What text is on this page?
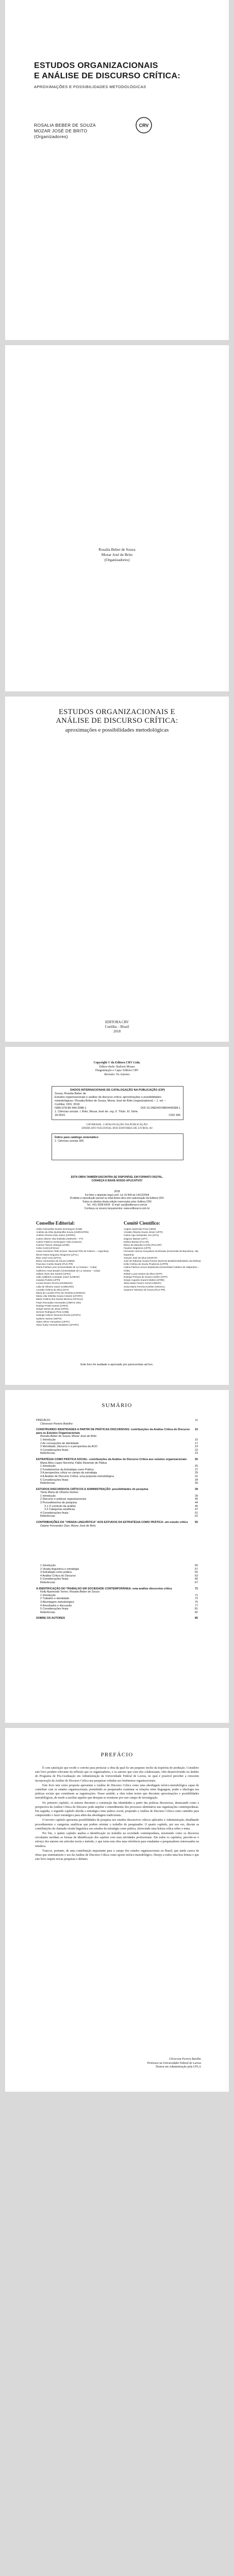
ESTUDOS ORGANIZACIONAIS
E ANÁLISE DE DISCURSO CRÍTICA:
APROXIMAÇÕES E POSSIBILIDADES METODOLÓGICAS
ROSALIA BEBER DE SOUZA
MOZAR JOSÉ DE BRITO
(Organizadores)
CRV
Rosalia Beber de Souza
Mozar José de Brito
(Organizadores)
ESTUDOS ORGANIZACIONAIS E
ANÁLISE DE DISCURSO CRÍTICA:
aproximações e possibilidades metodológicas
EDITORA CRV
Curitiba – Brasil
2018
Copyright © da Editora CRV Ltda.
Editor-chefe: Railson Moura
Diagramação e Capa: Editora CRV
Revisão: Os Autores
DADOS INTERNACIONAIS DE CATALOGAÇÃO NA PUBLICAÇÃO (CIP)
Souza, Rosalia Beber de
Estudos organizacionais e análise de discurso crítica: aproximações e possibilidades
metodológicas / Rosalia Beber de Souza, Mozar José de Brito (organizadores) – 1. ed. –
Curitiba: CRV, 2018.
ISBN 978-85-444-2088-1	DOI 10.24824/978854442088.1
1. Ciências sociais. I. Brito, Mozar José de. org. II. Título. III. Série.
18-0015	CDD 306
CIP-BRASIL. CATALOGAÇÃO NA PUBLICAÇÃO
SINDICATO NACIONAL DOS EDITORES DE LIVROS, RJ
Índice para catálogo sistemático
1. Ciências sociais 306
ESTA OBRA TAMBÉM ENCONTRA-SE DISPONÍVEL EM FORMATO DIGITAL.
CONHEÇA E BAIXE NOSSO APLICATIVO!
2018
Foi feito o depósito legal conf. Lei 10.994 de 14/12/2004
Proibida a reprodução parcial ou total desta obra sem autorização da Editora CRV
Todos os direitos desta edição reservados pela: Editora CRV
Tel.: (41) 3039-6418 - E-mail: sac@editoracrv.com.br
Conheça os nossos lançamentos: www.editoracrv.com.br
Conselho Editorial:
Aldira Guimarães Duarte Domínguez (UNB)
Andréia da Silva Quintanilha Sousa (UNIR/UFRN)
Antônio Pereira Gaio Júnior (UFRRJ)
Carlos Alberto Vilar Estêvão (UMINHO – PT)
Carlos Federico Dominguez Avila (Unieuro)
Carmen Tereza Velanga (UNIR)
Celso Conti (UFSCar)
Cesar Gerónimo Tello (Univer. Nacional Três de Febrero – Argentina)
Elione Maria Nogueira Diogenes (UFAL)
Élsio José Corá (UFFS)
Elizeu Clementino de Souza (UNEB)
Francisco Carlos Duarte (PUC-PR)
Gloria Fariñas León (Universidade de La Havana – Cuba)
Guillermo Arias Beatón (Universidade de La Havana – Cuba)
Jailson Alves dos Santos (UFRJ)
João Adalberto Campato Junior (UNESP)
Josania Portela (UFPI)
Leonel Severo Rocha (UNISINOS)
Lídia de Oliveira Xavier (UNIEURO)
Lourdes Helena da Silva (UFV)
Maria de Lourdes Pinto de Almeida (UNOESC)
Maria Lília Imbiriba Sousa Colares (UFOPA)
Maria Cristina dos Santos Bezerra (UFSCar)
Paulo Romualdo Hernandes (UNIFAL-MG)
Rodrigo Pratte-Santos (UFES)
Sérgio Nunes de Jesus (IFRO)
Simone Rodrigues Pinto (UNB)
Solange Helena Ximenes-Rocha (UFOPA)
Sydione Santos (UEPG)
Tadeu Oliver Gonçalves (UFPA)
Tania Suely Azevedo Brasileiro (UFOPA)
Comitê Científico:
Angelo Aparecido Priori (UEM)
Arnaldo Oliveira Souza Júnior (UFPI)
Carlos Ugo Santander Joo (UFG)
Dagmar Manieri (UFT)
Edison Bariani (FCLAR)
Elizeu de Miranda Corrêa (PUC/SP)
Fauston Negreiros (UFPI)
Fernando Antonio Gonçalves Alcoforado (Universitat de Barcelona, UB, Espanha)
Giovani José da Silva (UNIFAP)
José de Ribamar Sousa Pereira (Exército Brasileiro/Ministério da Defesa)
Kelly Cristina de Souza Prudencio (UFPR)
Liliana Patricia Lemus Sepúlveda (Universidad Católica de Valparaíso – Chile)
Rafael Lucas Santos da Silva (UFPI)
Rodrigo Pereyra de Sousa Coelho (UFPI)
Sergio Augusto Soares Mattos (UFRB)
Silvia Maria Favero Arend (UDESC)
Sonia Maria Ferreira Koehler (UNISAL)
Suyanne Tolentino de Souza (PUC-PR)
Este livro foi avaliado e aprovado por pareceristas ad hoc.
SUMÁRIO
PREFÁCIO	11
Cléverson Pereira Botelho
CONSTRUINDO IDENTIDADES A PARTIR DE PRÁTICAS DISCURSIVAS: contribuições da Análise Crítica do Discurso para os Estudos Organizacionais
15
Rosalia Beber de Souza; Mozar José de Brito
1 Introdução	15
2 As concepções de identidade	17
3 Identidade, discurso e a perspectiva da ACD	19
4 Considerações finais	22
Referências	23
ESTRATÉGIA COMO PRÁTICA SOCIAL: contribuições da Análise de Discurso Crítica aos estudos organizacionais	25
Maria Alice Lopes Noronha; Fábio Rezende de Pádua
1 Introdução	25
2 Fundamentos da Estratégia como Prática	27
3 A perspectiva crítica no campo da estratégia	29
4 A Análise de Discurso Crítica: uma proposta metodológica	31
5 Considerações finais	34
Referências	35
ESTUDOS DISCURSIVOS CRÍTICOS E ADMINISTRAÇÃO: possibilidades de pesquisa	39
Tania Maria de Oliveira Gomes
1 Introdução	39
2 Discurso e práticas organizacionais	40
3 Procedimentos de pesquisa	44
3.1 O contexto da análise	45
3.2 Categorias analíticas	47
4 Considerações finais	51
Referências	52
CONTRIBUIÇÕES DA "VIRADA LINGUÍSTICA" AOS ESTUDOS DA ESTRATÉGIA COMO PRÁTICA: um estudo crítico	55
Daiane Fernandes Dias; Mozar José de Brito
1 Introdução	55
2 Virada linguística e estratégia	57
3 Estratégia como prática	60
4 Análise Crítica do Discurso	63
5 Considerações finais	66
Referências	67
A IDENTIFICAÇÃO NO TRABALHO EM SOCIEDADE CONTEMPORÂNEA: uma análise discursiva crítica	71
Kelly Aparecida Torres; Rosalia Beber de Souza
1 Introdução	71
2 Trabalho e identidade	72
3 Abordagem metodológica	75
4 Resultados e discussão	77
5 Considerações finais	81
Referências	82
SOBRE OS AUTORES	85
PREFÁCIO

É com satisfação que recebi o convite para prefaciar a obra da qual fiz um pequeno trecho da trajetória de produção. Considero este livro produto relevante da reflexão que os organizadores, e os autores que com eles colaboraram, vêm desenvolvendo no âmbito do Programa de Pós-Graduação em Administração da Universidade Federal de Lavras, no qual é possível perceber a crescente incorporação da Análise de Discurso Crítica nas pesquisas voltadas aos fenômenos organizacionais.

Este livro tem como proposta apresentar a Análise de Discurso Crítica como uma abordagem teórico-metodológica capaz de contribuir com os estudos organizacionais, permitindo ao pesquisador examinar as relações entre linguagem, poder e ideologia nas práticas sociais que constituem as organizações. Nesse sentido, a obra reúne textos que discutem aproximações e possibilidades metodológicas, de modo a auxiliar aqueles que desejam se aventurar por esse campo de investigação.

No primeiro capítulo, os autores discutem a construção das identidades a partir das práticas discursivas, destacando como a perspectiva da Análise Crítica do Discurso pode ampliar o entendimento dos processos identitários nas organizações contemporâneas. Em seguida, o segundo capítulo aborda a estratégia como prática social, propondo a Análise de Discurso Crítica como caminho para compreender o fazer estratégico para além das abordagens tradicionais.

O terceiro capítulo apresenta possibilidades de pesquisa nos estudos discursivos críticos aplicados à Administração, detalhando procedimentos e categorias analíticas que podem orientar o trabalho do pesquisador. O quarto capítulo, por sua vez, discute as contribuições da chamada virada linguística aos estudos da estratégia como prática, oferecendo uma leitura crítica sobre o tema.

Por fim, o quinto capítulo analisa a identificação no trabalho na sociedade contemporânea, mostrando como os discursos circulantes moldam as formas de identificação dos sujeitos com suas atividades profissionais. Em todos os capítulos, percebe-se o esforço dos autores em articular teoria e método, o que torna esta obra uma referência para estudantes e pesquisadores interessados na temática.

Trata-se, portanto, de uma contribuição importante para o campo dos estudos organizacionais no Brasil, que ainda carece de obras que sistematizem o uso da Análise de Discurso Crítica como aporte teórico-metodológico. Desejo a todos uma boa leitura e que este livro inspire novas pesquisas e debates.

Cléverson Pereira Botelho
Professor na Universidade Federal de Lavras
Doutor em Administração pela UFLA
